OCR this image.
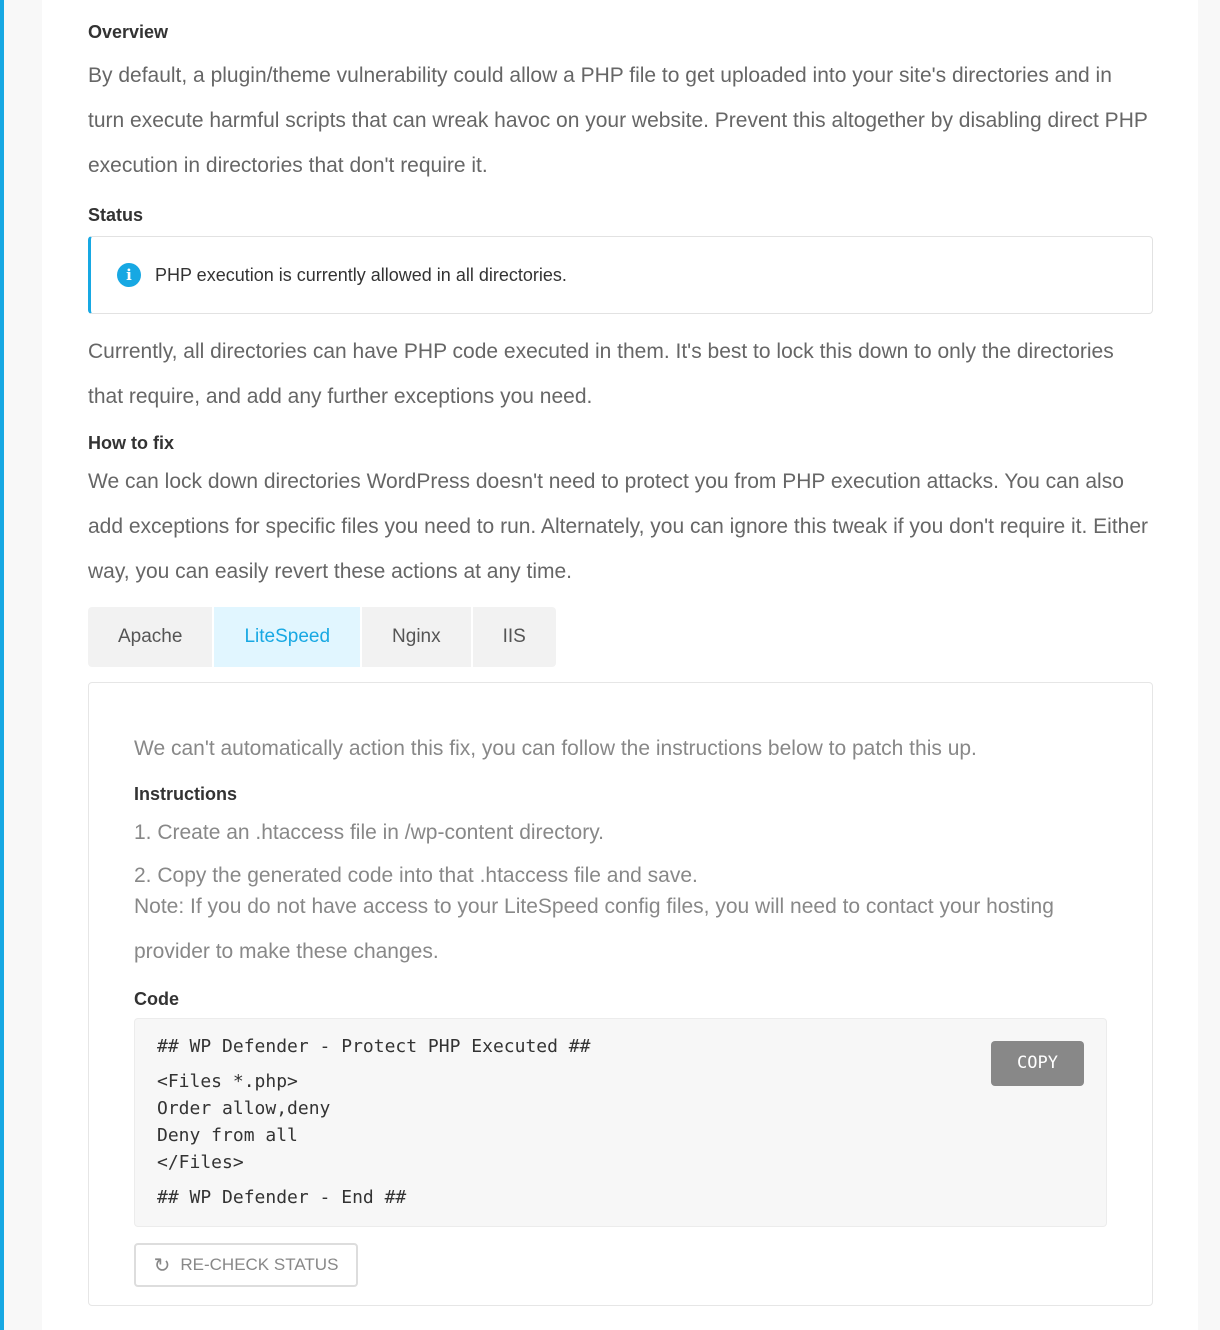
Overview

By default, a plugin/theme vulnerability could allow a PHP file to get uploaded into your site's directories and in turn execute harmful scripts that can wreak havoc on your website. Prevent this altogether by disabling direct PHP execution in directories that don't require it.

Status
i	PHP execution is currently allowed in all directories.

Currently, all directories can have PHP code executed in them. It's best to lock this down to only the directories that require, and add any further exceptions you need.

How to fix

We can lock down directories WordPress doesn't need to protect you from PHP execution attacks. You can also add exceptions for specific files you need to run. Alternately, you can ignore this tweak if you don't require it. Either way, you can easily revert these actions at any time.

Apache	LiteSpeed	Nginx	IIS

We can't automatically action this fix, you can follow the instructions below to patch this up.

Instructions

1. Create an .htaccess file in /wp-content directory.

2. Copy the generated code into that .htaccess file and save.

Note: If you do not have access to your LiteSpeed config files, you will need to contact your hosting provider to make these changes.

Code
## WP Defender - Protect PHP Executed ##
<Files *.php>
Order allow,deny
Deny from all
</Files>
## WP Defender - End ##
COPY
↻ RE-CHECK STATUS
